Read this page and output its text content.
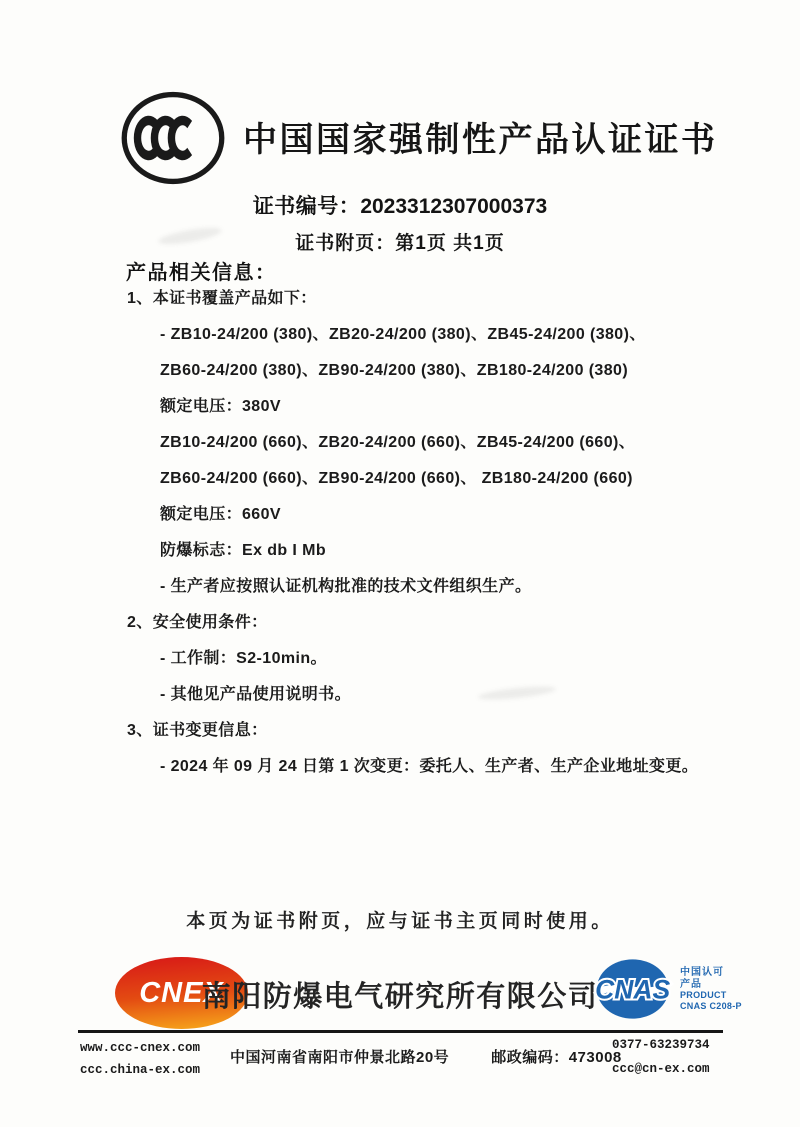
中国国家强制性产品认证证书
证书编号：2023312307000373
证书附页：第1页 共1页
产品相关信息：
1、本证书覆盖产品如下：
- ZB10-24/200 (380)、ZB20-24/200 (380)、ZB45-24/200 (380)、
ZB60-24/200 (380)、ZB90-24/200 (380)、ZB180-24/200 (380)
额定电压：380V
ZB10-24/200 (660)、ZB20-24/200 (660)、ZB45-24/200 (660)、
ZB60-24/200 (660)、ZB90-24/200 (660)、 ZB180-24/200 (660)
额定电压：660V
防爆标志：Ex db I Mb
- 生产者应按照认证机构批准的技术文件组织生产。
2、安全使用条件：
- 工作制：S2-10min。
- 其他见产品使用说明书。
3、证书变更信息：
- 2024 年 09 月 24 日第 1 次变更：委托人、生产者、生产企业地址变更。
本页为证书附页，应与证书主页同时使用。
CNEX
南阳防爆电气研究所有限公司
CNAS
中国认可
产品
PRODUCT
CNAS C208-P
www.ccc-cnex.com
ccc.china-ex.com
中国河南省南阳市仲景北路20号	邮政编码：473008
0377-63239734
ccc@cn-ex.com
